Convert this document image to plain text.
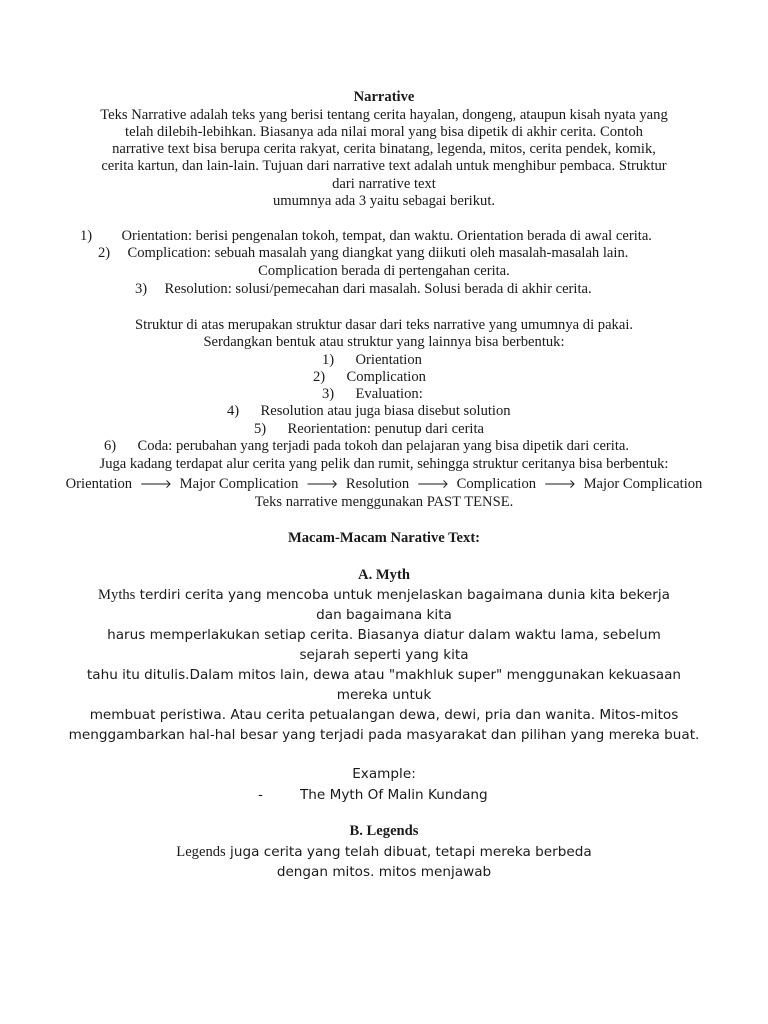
Narrative
Teks Narrative adalah teks yang berisi tentang cerita hayalan, dongeng, ataupun kisah nyata yang
telah dilebih-lebihkan. Biasanya ada nilai moral yang bisa dipetik di akhir cerita. Contoh
narrative text bisa berupa cerita rakyat, cerita binatang, legenda, mitos, cerita pendek, komik,
cerita kartun, dan lain-lain. Tujuan dari narrative text adalah untuk menghibur pembaca. Struktur
dari narrative text
umumnya ada 3 yaitu sebagai berikut.
1) Orientation: berisi pengenalan tokoh, tempat, dan waktu. Orientation berada di awal cerita.
2) Complication: sebuah masalah yang diangkat yang diikuti oleh masalah-masalah lain.
Complication berada di pertengahan cerita.
3) Resolution: solusi/pemecahan dari masalah. Solusi berada di akhir cerita.
Struktur di atas merupakan struktur dasar dari teks narrative yang umumnya di pakai.
Serdangkan bentuk atau struktur yang lainnya bisa berbentuk:
1) Orientation
2) Complication
3) Evaluation:
4) Resolution atau juga biasa disebut solution
5) Reorientation: penutup dari cerita
6) Coda: perubahan yang terjadi pada tokoh dan pelajaran yang bisa dipetik dari cerita.
Juga kadang terdapat alur cerita yang pelik dan rumit, sehingga struktur ceritanya bisa berbentuk:
Orientation 🡒 Major Complication 🡒 Resolution 🡒 Complication 🡒 Major Complication
Teks narrative menggunakan PAST TENSE.
Macam-Macam Narative Text:
A. Myth
Myths terdiri cerita yang mencoba untuk menjelaskan bagaimana dunia kita bekerja
dan bagaimana kita
harus memperlakukan setiap cerita. Biasanya diatur dalam waktu lama, sebelum
sejarah seperti yang kita
tahu itu ditulis.Dalam mitos lain, dewa atau "makhluk super" menggunakan kekuasaan
mereka untuk
membuat peristiwa. Atau cerita petualangan dewa, dewi, pria dan wanita. Mitos-mitos
menggambarkan hal-hal besar yang terjadi pada masyarakat dan pilihan yang mereka buat.
Example:
-	The Myth Of Malin Kundang
B. Legends
Legends juga cerita yang telah dibuat, tetapi mereka berbeda
dengan mitos. mitos menjawab
